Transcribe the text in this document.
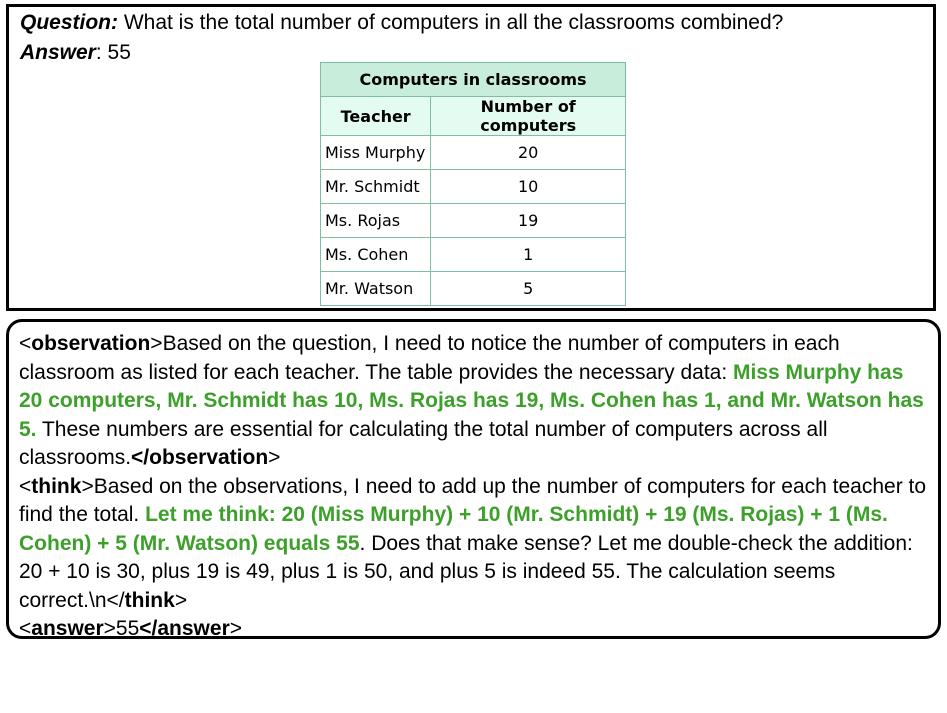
Question: What is the total number of computers in all the classrooms combined?
Answer: 55
Computers in classrooms	
Teacher	Number of computers
Miss Murphy	20
Mr. Schmidt	10
Ms. Rojas	19
Ms. Cohen	1
Mr. Watson	5
<observation>Based on the question, I need to notice the number of computers in each classroom as listed for each teacher. The table provides the necessary data: Miss Murphy has 20 computers, Mr. Schmidt has 10, Ms. Rojas has 19, Ms. Cohen has 1, and Mr. Watson has 5. These numbers are essential for calculating the total number of computers across all classrooms.</observation>
<think>Based on the observations, I need to add up the number of computers for each teacher to find the total. Let me think: 20 (Miss Murphy) + 10 (Mr. Schmidt) + 19 (Ms. Rojas) + 1 (Ms. Cohen) + 5 (Mr. Watson) equals 55. Does that make sense? Let me double-check the addition: 20 + 10 is 30, plus 19 is 49, plus 1 is 50, and plus 5 is indeed 55. The calculation seems correct.\n</think>
<answer>55</answer>
